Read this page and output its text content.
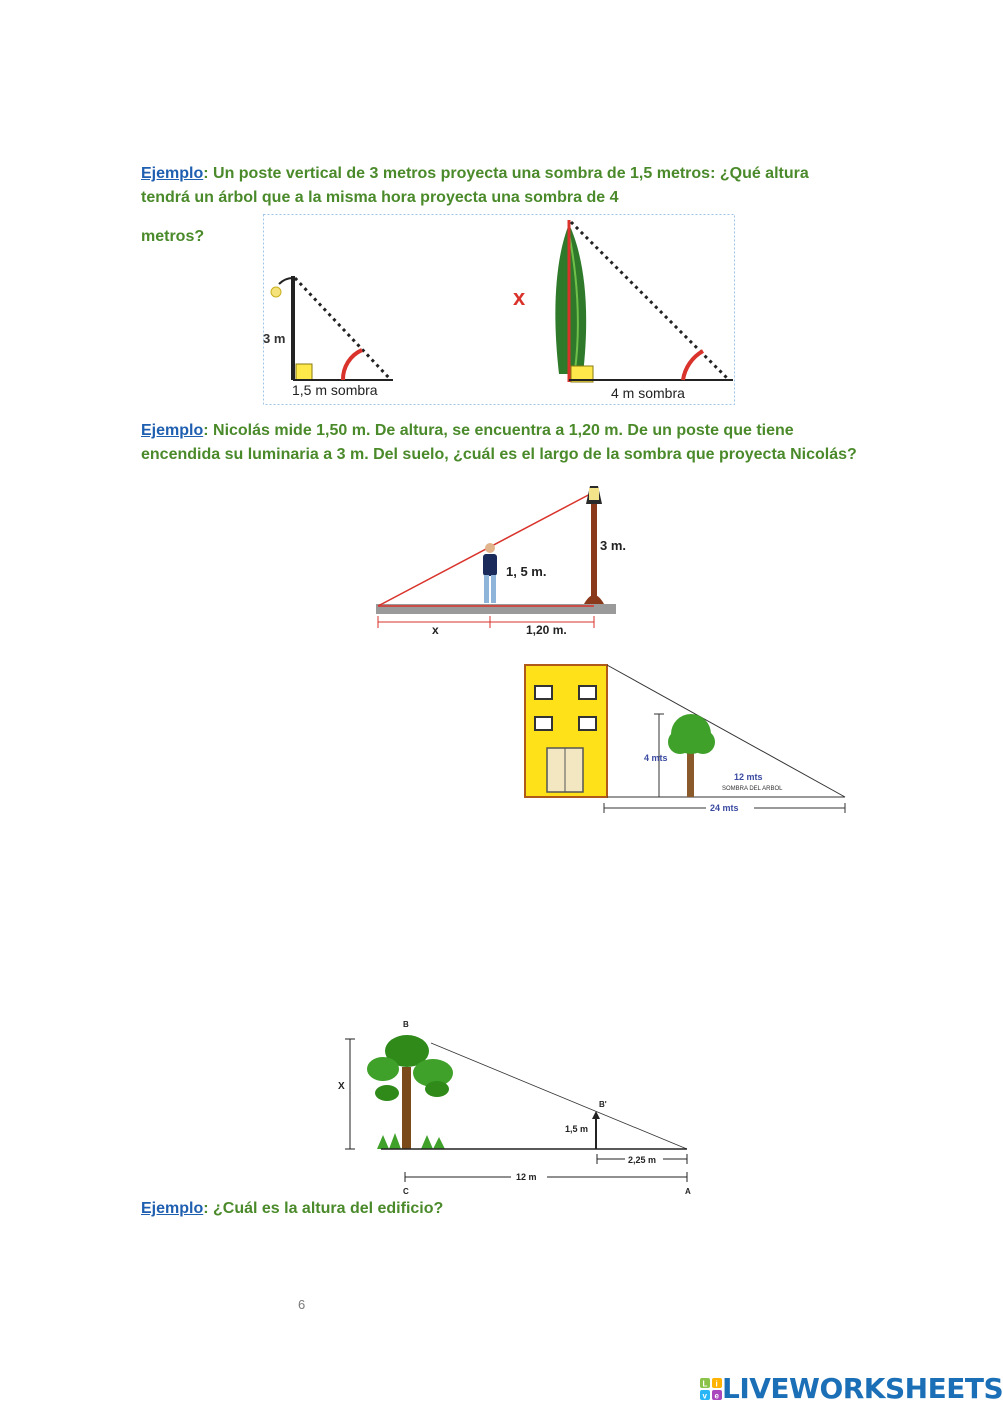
Ejemplo: Un poste vertical de 3 metros proyecta una sombra de 1,5 metros: ¿Qué altura
tendrá un árbol que a la misma hora proyecta una sombra de 4
metros?
3 m
1,5 m sombra
x
4 m sombra
Ejemplo: Nicolás mide 1,50 m. De altura, se encuentra a 1,20 m. De un poste que tiene
encendida su luminaria a 3 m. Del suelo, ¿cuál es el largo de la sombra que proyecta Nicolás?
3 m.
1, 5 m.
x	1,20 m.
4 mts
12 mts
SOMBRA DEL ARBOL
24 mts
B
X
B'
1,5 m
2,25 m
12 m
C	A
Ejemplo: ¿Cuál es la altura del edificio?
6
L i
v e LIVEWORKSHEETS
